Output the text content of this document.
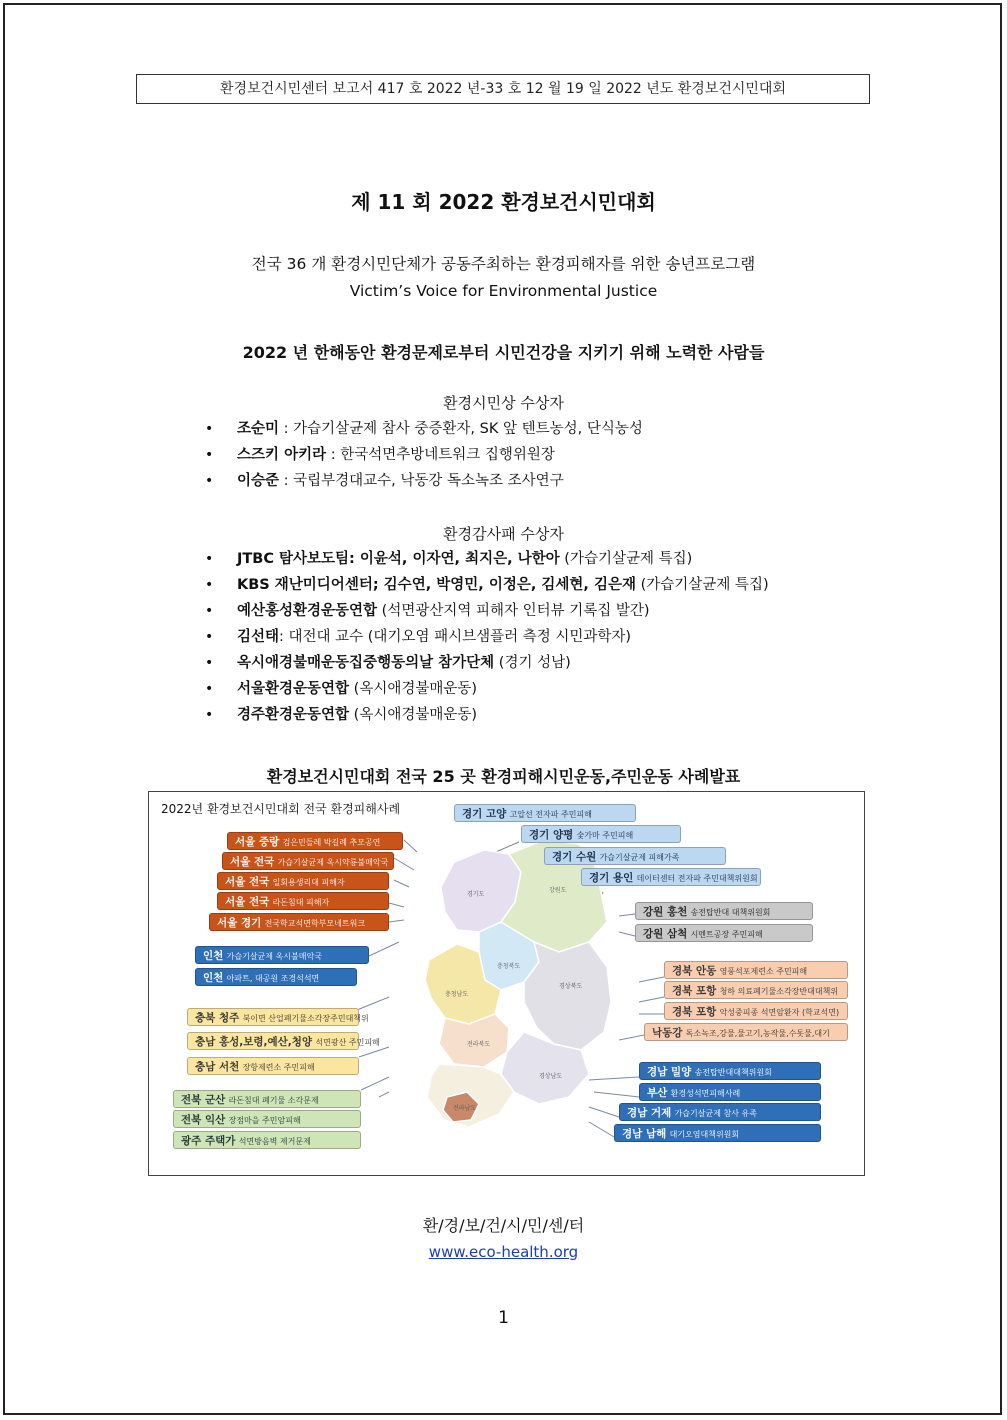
환경보건시민센터 보고서 417 호 2022 년-33 호 12 월 19 일 2022 년도 환경보건시민대회
제 11 회 2022 환경보건시민대회
전국 36 개 환경시민단체가 공동주최하는 환경피해자를 위한 송년프로그램
Victim’s Voice for Environmental Justice
2022 년 한해동안 환경문제로부터 시민건강을 지키기 위해 노력한 사람들
환경시민상 수상자
• 조순미 : 가습기살균제 참사 중증환자, SK 앞 텐트농성, 단식농성
• 스즈키 아키라 : 한국석면추방네트워크 집행위원장
• 이승준 : 국립부경대교수, 낙동강 독소녹조 조사연구
환경감사패 수상자
• JTBC 탐사보도팀: 이윤석, 이자연, 최지은, 나한아 (가습기살균제 특집)
• KBS 재난미디어센터; 김수연, 박영민, 이정은, 김세현, 김은재 (가습기살균제 특집)
• 예산홍성환경운동연합 (석면광산지역 피해자 인터뷰 기록집 발간)
• 김선태: 대전대 교수 (대기오염 패시브샘플러 측정 시민과학자)
• 옥시애경불매운동집중행동의날 참가단체 (경기 성남)
• 서울환경운동연합 (옥시애경불매운동)
• 경주환경운동연합 (옥시애경불매운동)
환경보건시민대회 전국 25 곳 환경피해시민운동,주민운동 사례발표
2022년 환경보건시민대회 전국 환경피해사례
경기도
강원도
충청북도
충청남도
경상북도
전라북도
경상남도
전라남도
경기 고양 고압선 전자파 주민피해
경기 양평 숯가마 주민피해
경기 수원 가습기살균제 피해가족
경기 용인 데이터센터 전자파 주민대책위원회
서울 중랑 검은민들레 박길례 추모공연
서울 전국 가습기살균제 옥시약룡불매악국
서울 전국 일회용생리대 피해자
서울 전국 라돈침대 피해자
서울 경기 전국학교석면학부모네트워크
인천 가습기살균제 옥시불매악국
인천 아파트, 대공원 조경석석면
충북 청주 북이면 산업폐기물소각장주민대책위
충남 홍성,보령,예산,청양 석면광산 주민피해
충남 서천 장항제련소 주민피해
전북 군산 라돈침대 폐기물 소각문제
전북 익산 장점마을 주민암피해
광주 주택가 석면방음벽 제거문제
강원 홍천 송전탑반대 대책위원회
강원 삼척 시멘트공장 주민피해
경북 안동 영풍석포제련소 주민피해
경북 포항 청하 의료폐기물소각장반대대책위
경북 포항 악성중피종 석면암환자 (학교석면)
낙동강 독소녹조,강물,물고기,농작물,수돗물,대기
경남 밀양 송전탑반대대책위원회
부산 환경성석면피해사례
경남 거제 가습기살균제 참사 유족
경남 남해 대기오염대책위원회
환/경/보/건/시/민/센/터
www.eco-health.org
1
